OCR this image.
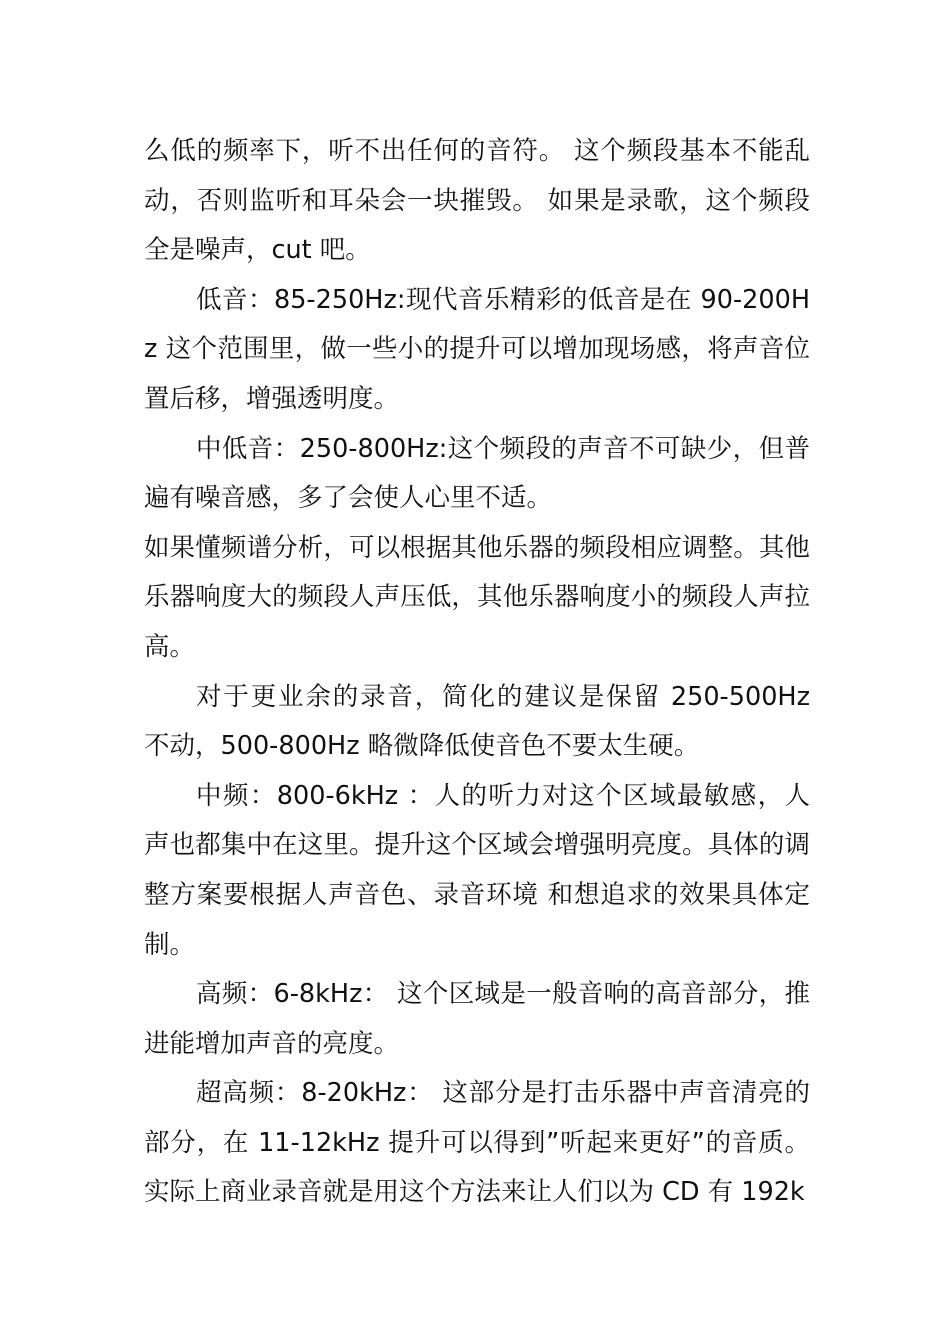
么低的频率下，听不出任何的音符。 这个频段基本不能乱动，否则监听和耳朵会一块摧毁。 如果是录歌，这个频段全是噪声，cut 吧。

低音：85-250Hz:现代音乐精彩的低音是在 90-200Hz 这个范围里，做一些小的提升可以增加现场感，将声音位置后移，增强透明度。

中低音：250-800Hz:这个频段的声音不可缺少，但普遍有噪音感，多了会使人心里不适。

如果懂频谱分析，可以根据其他乐器的频段相应调整。其他乐器响度大的频段人声压低，其他乐器响度小的频段人声拉高。

对于更业余的录音，简化的建议是保留 250-500Hz 不动，500-800Hz 略微降低使音色不要太生硬。

中频：800-6kHz ：人的听力对这个区域最敏感，人声也都集中在这里。提升这个区域会增强明亮度。具体的调整方案要根据人声音色、录音环境 和想追求的效果具体定制。

高频：6-8kHz： 这个区域是一般音响的高音部分，推进能增加声音的亮度。

超高频：8-20kHz： 这部分是打击乐器中声音清亮的部分，在 11-12kHz 提升可以得到”听起来更好”的音质。实际上商业录音就是用这个方法来让人们以为 CD 有 192k
